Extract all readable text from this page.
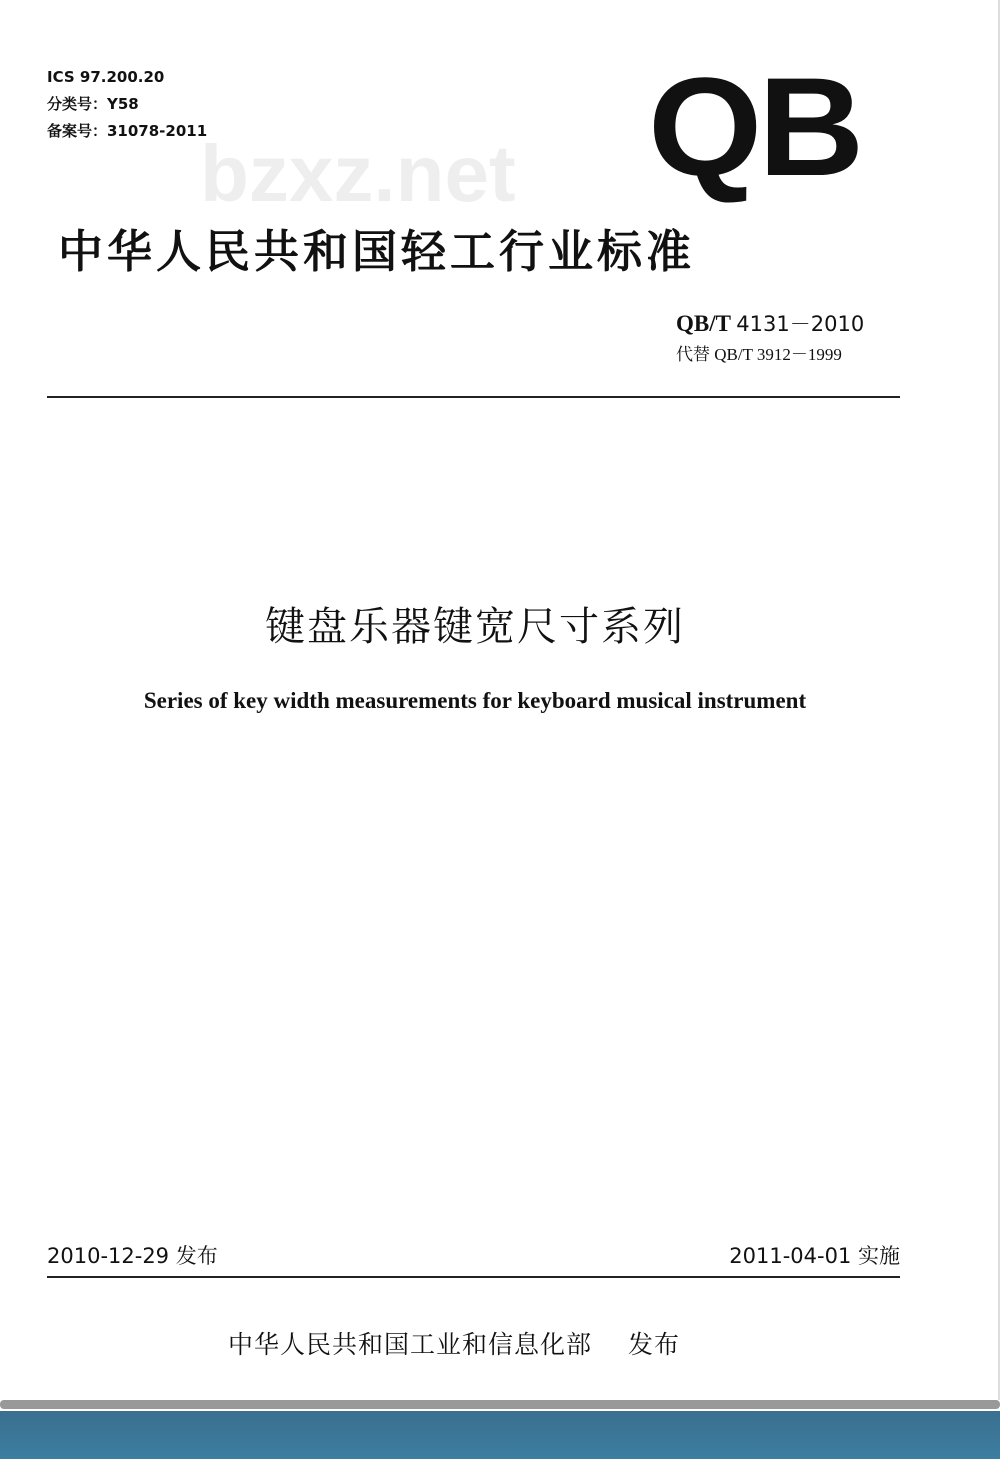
ICS 97.200.20
分类号：Y58
备案号：31078-2011
bzxz.net QB
中华人民共和国轻工行业标准
QB/T 4131－2010
代替 QB/T 3912－1999
键盘乐器键宽尺寸系列
Series of key width measurements for keyboard musical instrument
2010-12-29 发布	2011-04-01 实施
中华人民共和国工业和信息化部 发布
